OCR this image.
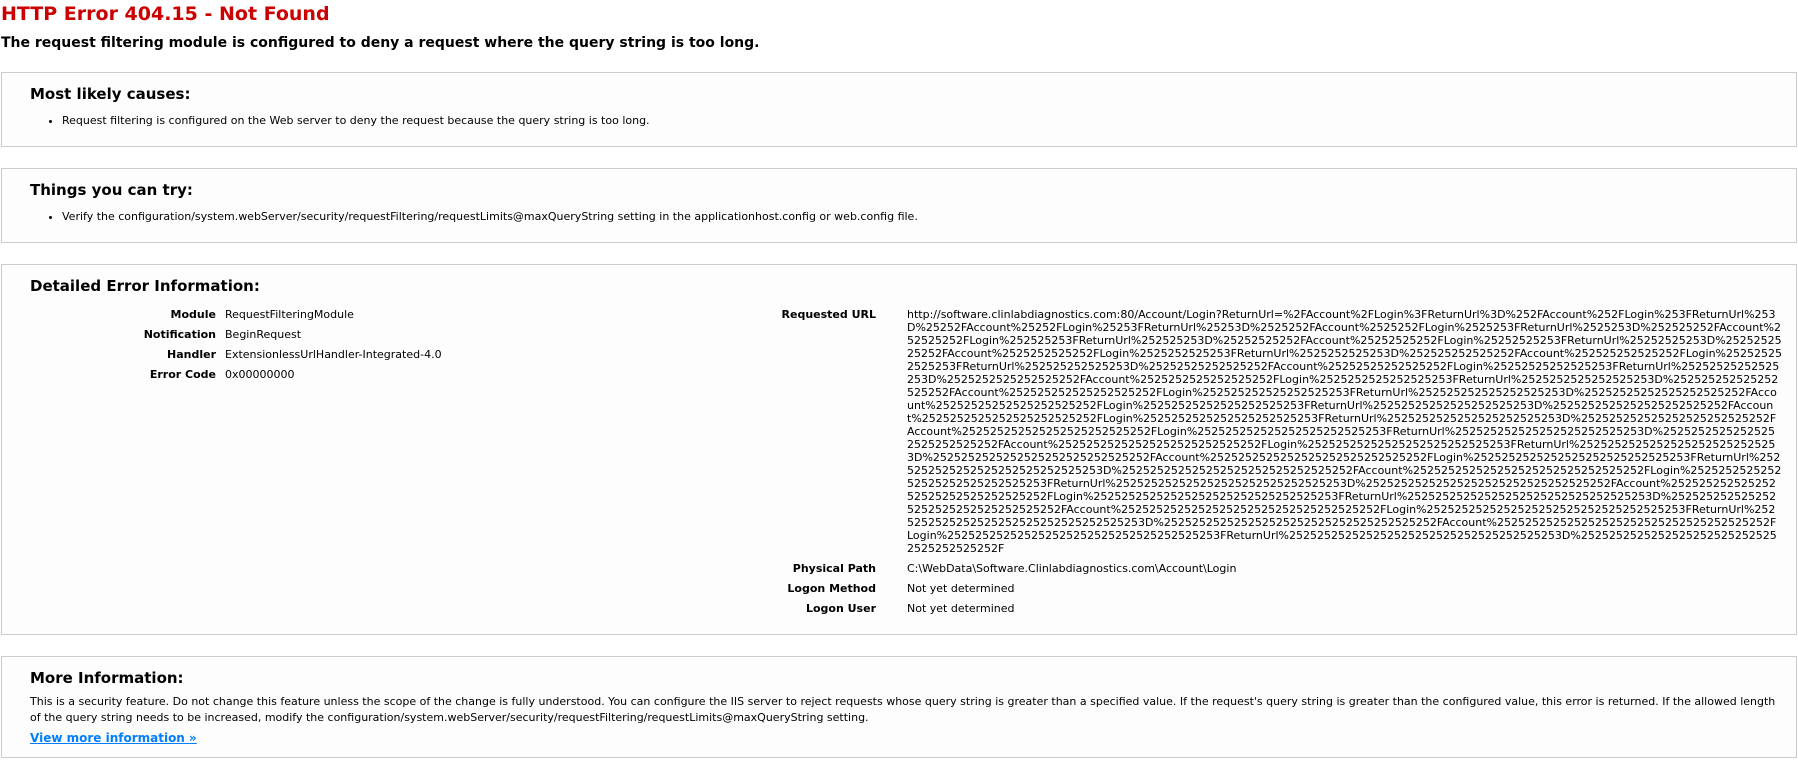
HTTP Error 404.15 - Not Found
The request filtering module is configured to deny a request where the query string is too long.
Most likely causes:
• Request filtering is configured on the Web server to deny the request because the query string is too long.
Things you can try:
• Verify the configuration/system.webServer/security/requestFiltering/requestLimits@maxQueryString setting in the applicationhost.config or web.config file.
Detailed Error Information:
Module RequestFilteringModule
Notification BeginRequest
Handler ExtensionlessUrlHandler-Integrated-4.0
Error Code 0x00000000
Requested URL	http://software.clinlabdiagnostics.com:80/Account/Login?ReturnUrl=%2FAccount%2FLogin%3FReturnUrl%3D%252FAccount%252FLogin%253FReturnUrl%253D%25252FAccount%25252FLogin%25253FReturnUrl%25253D%2525252FAccount%2525252FLogin%2525253FReturnUrl%2525253D%252525252FAccount%252525252FLogin%252525253FReturnUrl%252525253D%25252525252FAccount%25252525252FLogin%25252525253FReturnUrl%25252525253D%2525252525252FAccount%2525252525252FLogin%2525252525253FReturnUrl%2525252525253D%252525252525252FAccount%252525252525252FLogin%252525252525253FReturnUrl%252525252525253D%25252525252525252FAccount%25252525252525252FLogin%25252525252525253FReturnUrl%25252525252525253D%2525252525252525252FAccount%2525252525252525252FLogin%2525252525252525253FReturnUrl%2525252525252525253D%252525252525252525252FAccount%252525252525252525252FLogin%252525252525252525253FReturnUrl%252525252525252525253D%25252525252525252525252FAccount%25252525252525252525252FLogin%25252525252525252525253FReturnUrl%25252525252525252525253D%2525252525252525252525252FAccount%2525252525252525252525252FLogin%2525252525252525252525253FReturnUrl%2525252525252525252525253D%252525252525252525252525252FAccount%252525252525252525252525252FLogin%252525252525252525252525253FReturnUrl%252525252525252525252525253D%25252525252525252525252525252FAccount%25252525252525252525252525252FLogin%25252525252525252525252525253FReturnUrl%25252525252525252525252525253D%2525252525252525252525252525252FAccount%2525252525252525252525252525252FLogin%2525252525252525252525252525253FReturnUrl%2525252525252525252525252525253D%252525252525252525252525252525252FAccount%252525252525252525252525252525252FLogin%252525252525252525252525252525253FReturnUrl%252525252525252525252525252525253D%25252525252525252525252525252525252FAccount%25252525252525252525252525252525252FLogin%25252525252525252525252525252525253FReturnUrl%25252525252525252525252525252525253D%2525252525252525252525252525252525252FAccount%2525252525252525252525252525252525252FLogin%2525252525252525252525252525252525253FReturnUrl%2525252525252525252525252525252525253D%252525252525252525252525252525252525252FAccount%252525252525252525252525252525252525252FLogin%252525252525252525252525252525252525253FReturnUrl%252525252525252525252525252525252525253D%25252525252525252525252525252525252525252F
Physical Path	C:\WebData\Software.Clinlabdiagnostics.com\Account\Login
Logon Method	Not yet determined
Logon User	Not yet determined
More Information:

This is a security feature. Do not change this feature unless the scope of the change is fully understood. You can configure the IIS server to reject requests whose query string is greater than a specified value. If the request's query string is greater than the configured value, this error is returned. If the allowed length of the query string needs to be increased, modify the configuration/system.webServer/security/requestFiltering/requestLimits@maxQueryString setting.

View more information »
